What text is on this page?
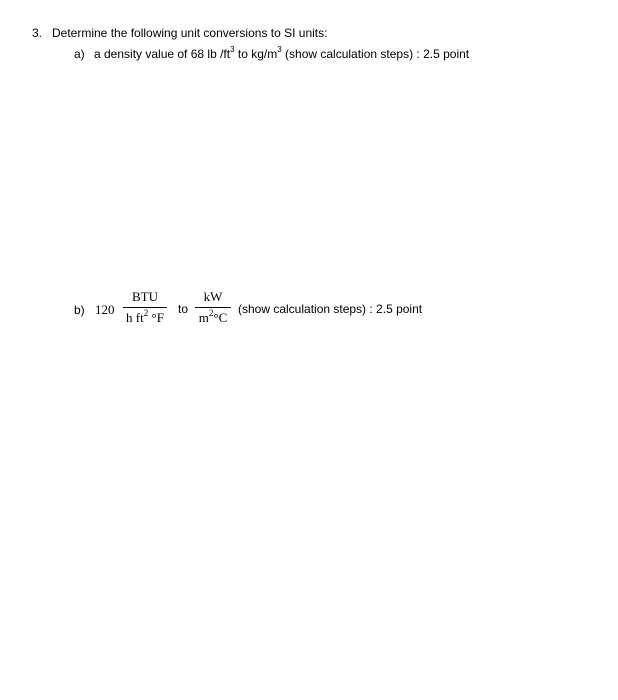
3. Determine the following unit conversions to SI units:
a) a density value of 68 lb $/ft^3$ to $kg/m^3$ (show calculation steps) : 2.5 point
b) 120
BTU
h $ft^2$ °F
to
kW
$m^2^\circ C$
(show calculation steps) : 2.5 point
